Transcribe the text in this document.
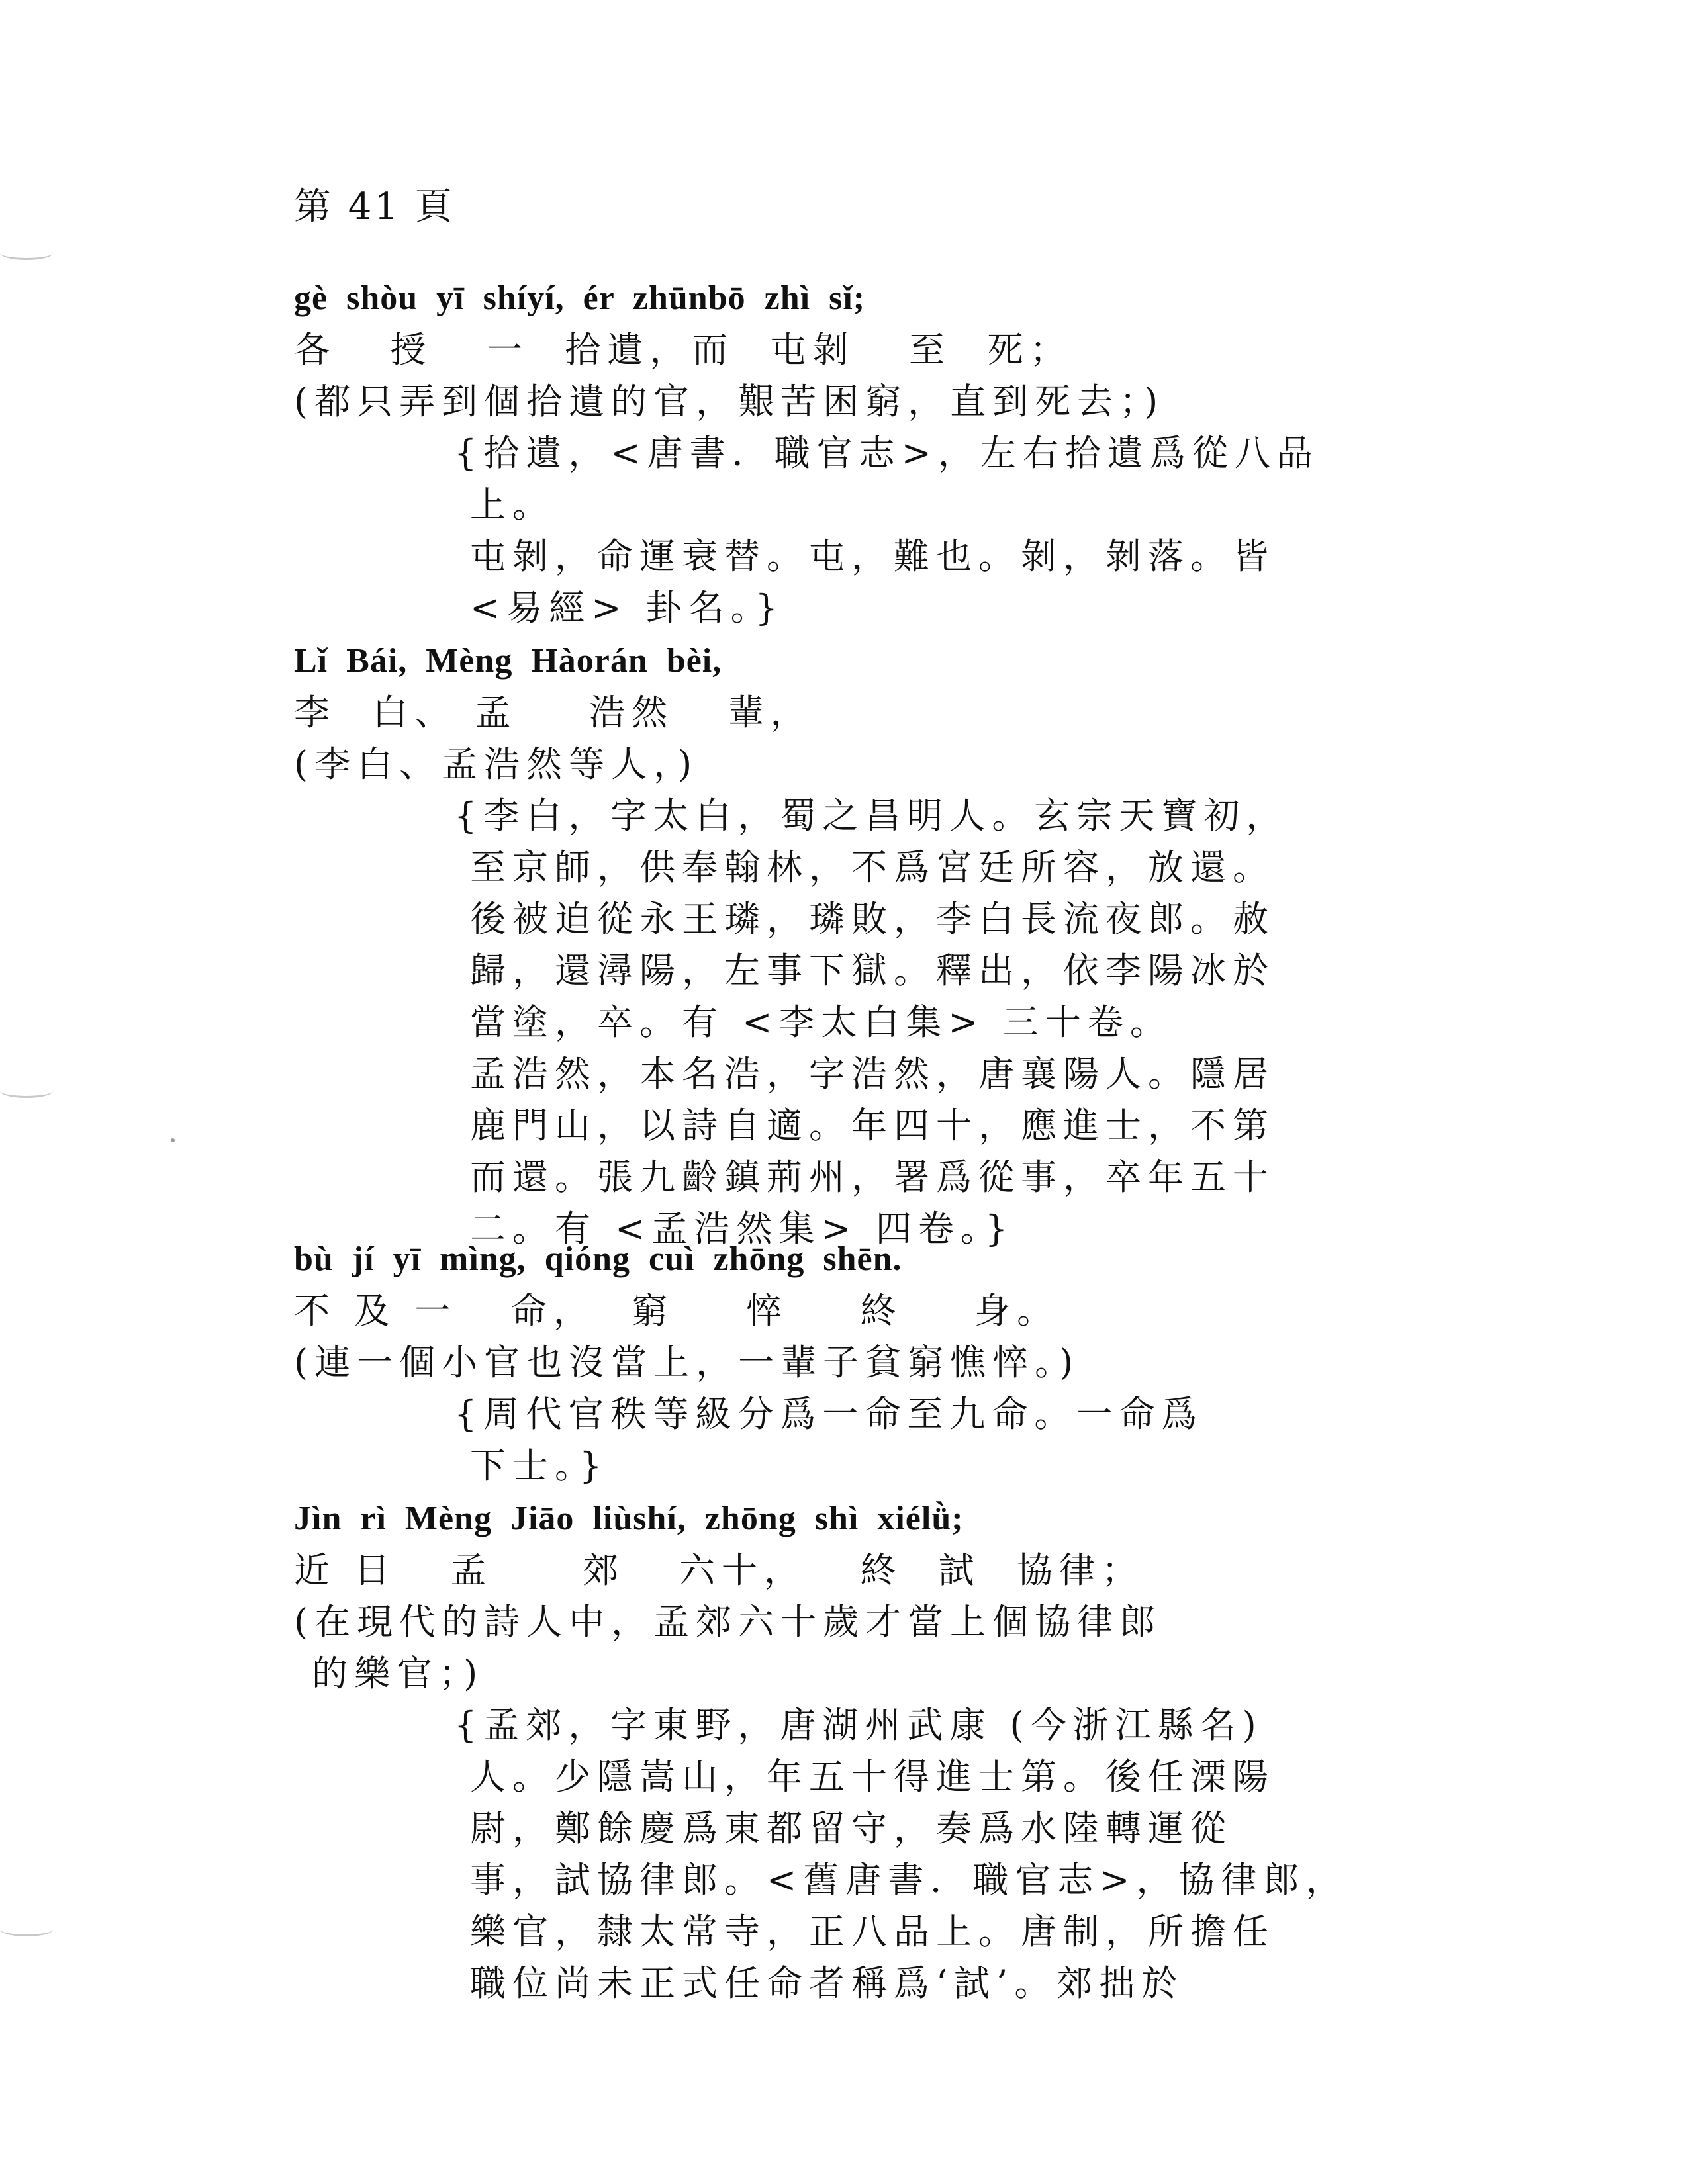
第 41 頁
gè  shòu  yī  shíyí,  ér  zhūnbō  zhì  sǐ;
各   授   一  拾遺，而  屯剝   至  死；
(都只弄到個拾遺的官，艱苦困窮，直到死去；)
{拾遺，<唐書．職官志>，左右拾遺爲從八品
上。
屯剝，命運衰替。屯，難也。剝，剝落。皆
<易經> 卦名。}
Lǐ  Bái,  Mèng  Hàorán  bèi,
李  白、 孟    浩然   輩，
(李白、孟浩然等人，)
{李白，字太白，蜀之昌明人。玄宗天寶初，
至京師，供奉翰林，不爲宮廷所容，放還。
後被迫從永王璘，璘敗，李白長流夜郎。赦
歸，還潯陽，左事下獄。釋出，依李陽冰於
當塗，卒。有 <李太白集> 三十卷。
孟浩然，本名浩，字浩然，唐襄陽人。隱居
鹿門山，以詩自適。年四十，應進士，不第
而還。張九齡鎮荊州，署爲從事，卒年五十
二。有 <孟浩然集> 四卷。}
bù  jí  yī  mìng,  qióng  cuì  zhōng  shēn.
不 及 一   命，  窮    悴    終    身。
(連一個小官也沒當上，一輩子貧窮憔悴。)
{周代官秩等級分爲一命至九命。一命爲
下士。}
Jìn  rì  Mèng  Jiāo  liùshí,  zhōng  shì  xiélǜ;
近 日   孟     郊   六十，   終  試  協律；
(在現代的詩人中，孟郊六十歲才當上個協律郎
的樂官；)
{孟郊，字東野，唐湖州武康 (今浙江縣名)
人。少隱嵩山，年五十得進士第。後任溧陽
尉，鄭餘慶爲東都留守，奏爲水陸轉運從
事，試協律郎。<舊唐書．職官志>，協律郎，
樂官，隸太常寺，正八品上。唐制，所擔任
職位尚未正式任命者稱爲‘試’。郊拙於
